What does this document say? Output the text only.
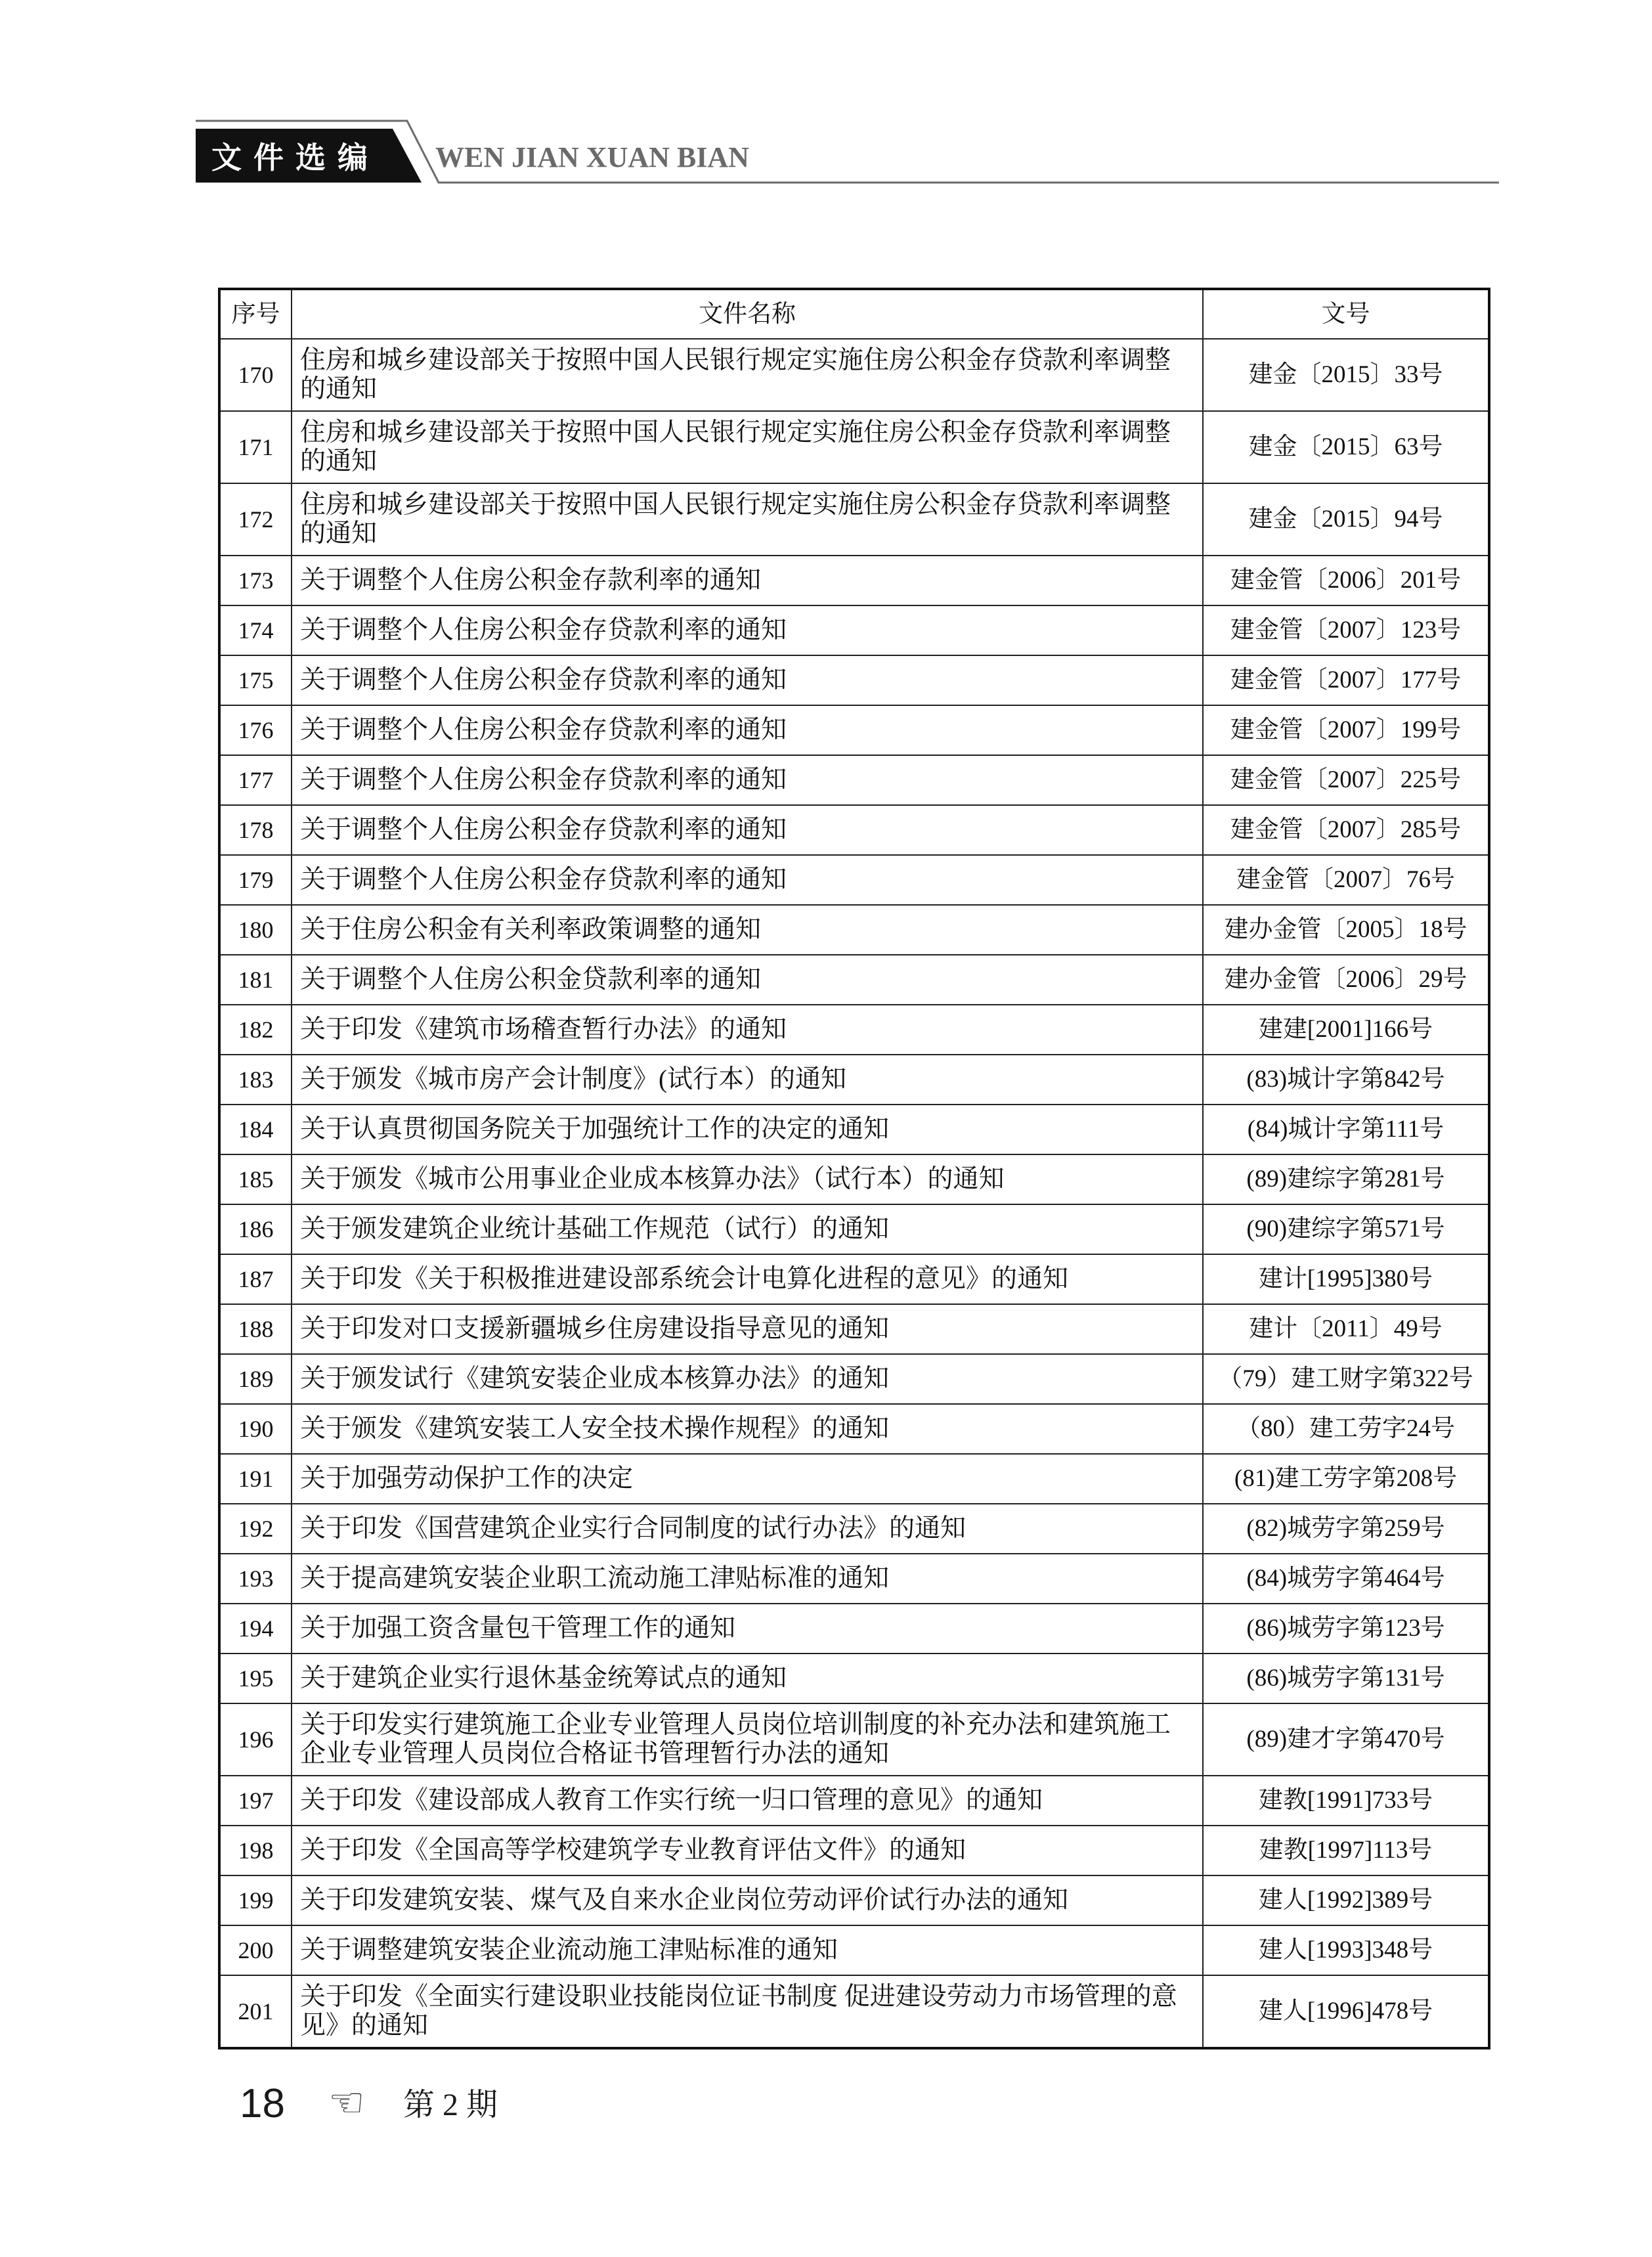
文件选编 WEN JIAN XUAN BIAN
序号	文件名称	文号
170	住房和城乡建设部关于按照中国人民银行规定实施住房公积金存贷款利率调整的通知	建金〔2015〕33号
171	住房和城乡建设部关于按照中国人民银行规定实施住房公积金存贷款利率调整的通知	建金〔2015〕63号
172	住房和城乡建设部关于按照中国人民银行规定实施住房公积金存贷款利率调整的通知	建金〔2015〕94号
173	关于调整个人住房公积金存款利率的通知	建金管〔2006〕201号
174	关于调整个人住房公积金存贷款利率的通知	建金管〔2007〕123号
175	关于调整个人住房公积金存贷款利率的通知	建金管〔2007〕177号
176	关于调整个人住房公积金存贷款利率的通知	建金管〔2007〕199号
177	关于调整个人住房公积金存贷款利率的通知	建金管〔2007〕225号
178	关于调整个人住房公积金存贷款利率的通知	建金管〔2007〕285号
179	关于调整个人住房公积金存贷款利率的通知	建金管〔2007〕76号
180	关于住房公积金有关利率政策调整的通知	建办金管〔2005〕18号
181	关于调整个人住房公积金贷款利率的通知	建办金管〔2006〕29号
182	关于印发《建筑市场稽查暂行办法》的通知	建建[2001]166号
183	关于颁发《城市房产会计制度》(试行本）的通知	(83)城计字第842号
184	关于认真贯彻国务院关于加强统计工作的决定的通知	(84)城计字第111号
185	关于颁发《城市公用事业企业成本核算办法》（试行本）的通知	(89)建综字第281号
186	关于颁发建筑企业统计基础工作规范（试行）的通知	(90)建综字第571号
187	关于印发《关于积极推进建设部系统会计电算化进程的意见》的通知	建计[1995]380号
188	关于印发对口支援新疆城乡住房建设指导意见的通知	建计〔2011〕49号
189	关于颁发试行《建筑安装企业成本核算办法》的通知	（79）建工财字第322号
190	关于颁发《建筑安装工人安全技术操作规程》的通知	（80）建工劳字24号
191	关于加强劳动保护工作的决定	(81)建工劳字第208号
192	关于印发《国营建筑企业实行合同制度的试行办法》的通知	(82)城劳字第259号
193	关于提高建筑安装企业职工流动施工津贴标准的通知	(84)城劳字第464号
194	关于加强工资含量包干管理工作的通知	(86)城劳字第123号
195	关于建筑企业实行退休基金统筹试点的通知	(86)城劳字第131号
196	关于印发实行建筑施工企业专业管理人员岗位培训制度的补充办法和建筑施工企业专业管理人员岗位合格证书管理暂行办法的通知	(89)建才字第470号
197	关于印发《建设部成人教育工作实行统一归口管理的意见》的通知	建教[1991]733号
198	关于印发《全国高等学校建筑学专业教育评估文件》的通知	建教[1997]113号
199	关于印发建筑安装、煤气及自来水企业岗位劳动评价试行办法的通知	建人[1992]389号
200	关于调整建筑安装企业流动施工津贴标准的通知	建人[1993]348号
201	关于印发《全面实行建设职业技能岗位证书制度 促进建设劳动力市场管理的意见》的通知	建人[1996]478号
18 ☜ 第 2 期
